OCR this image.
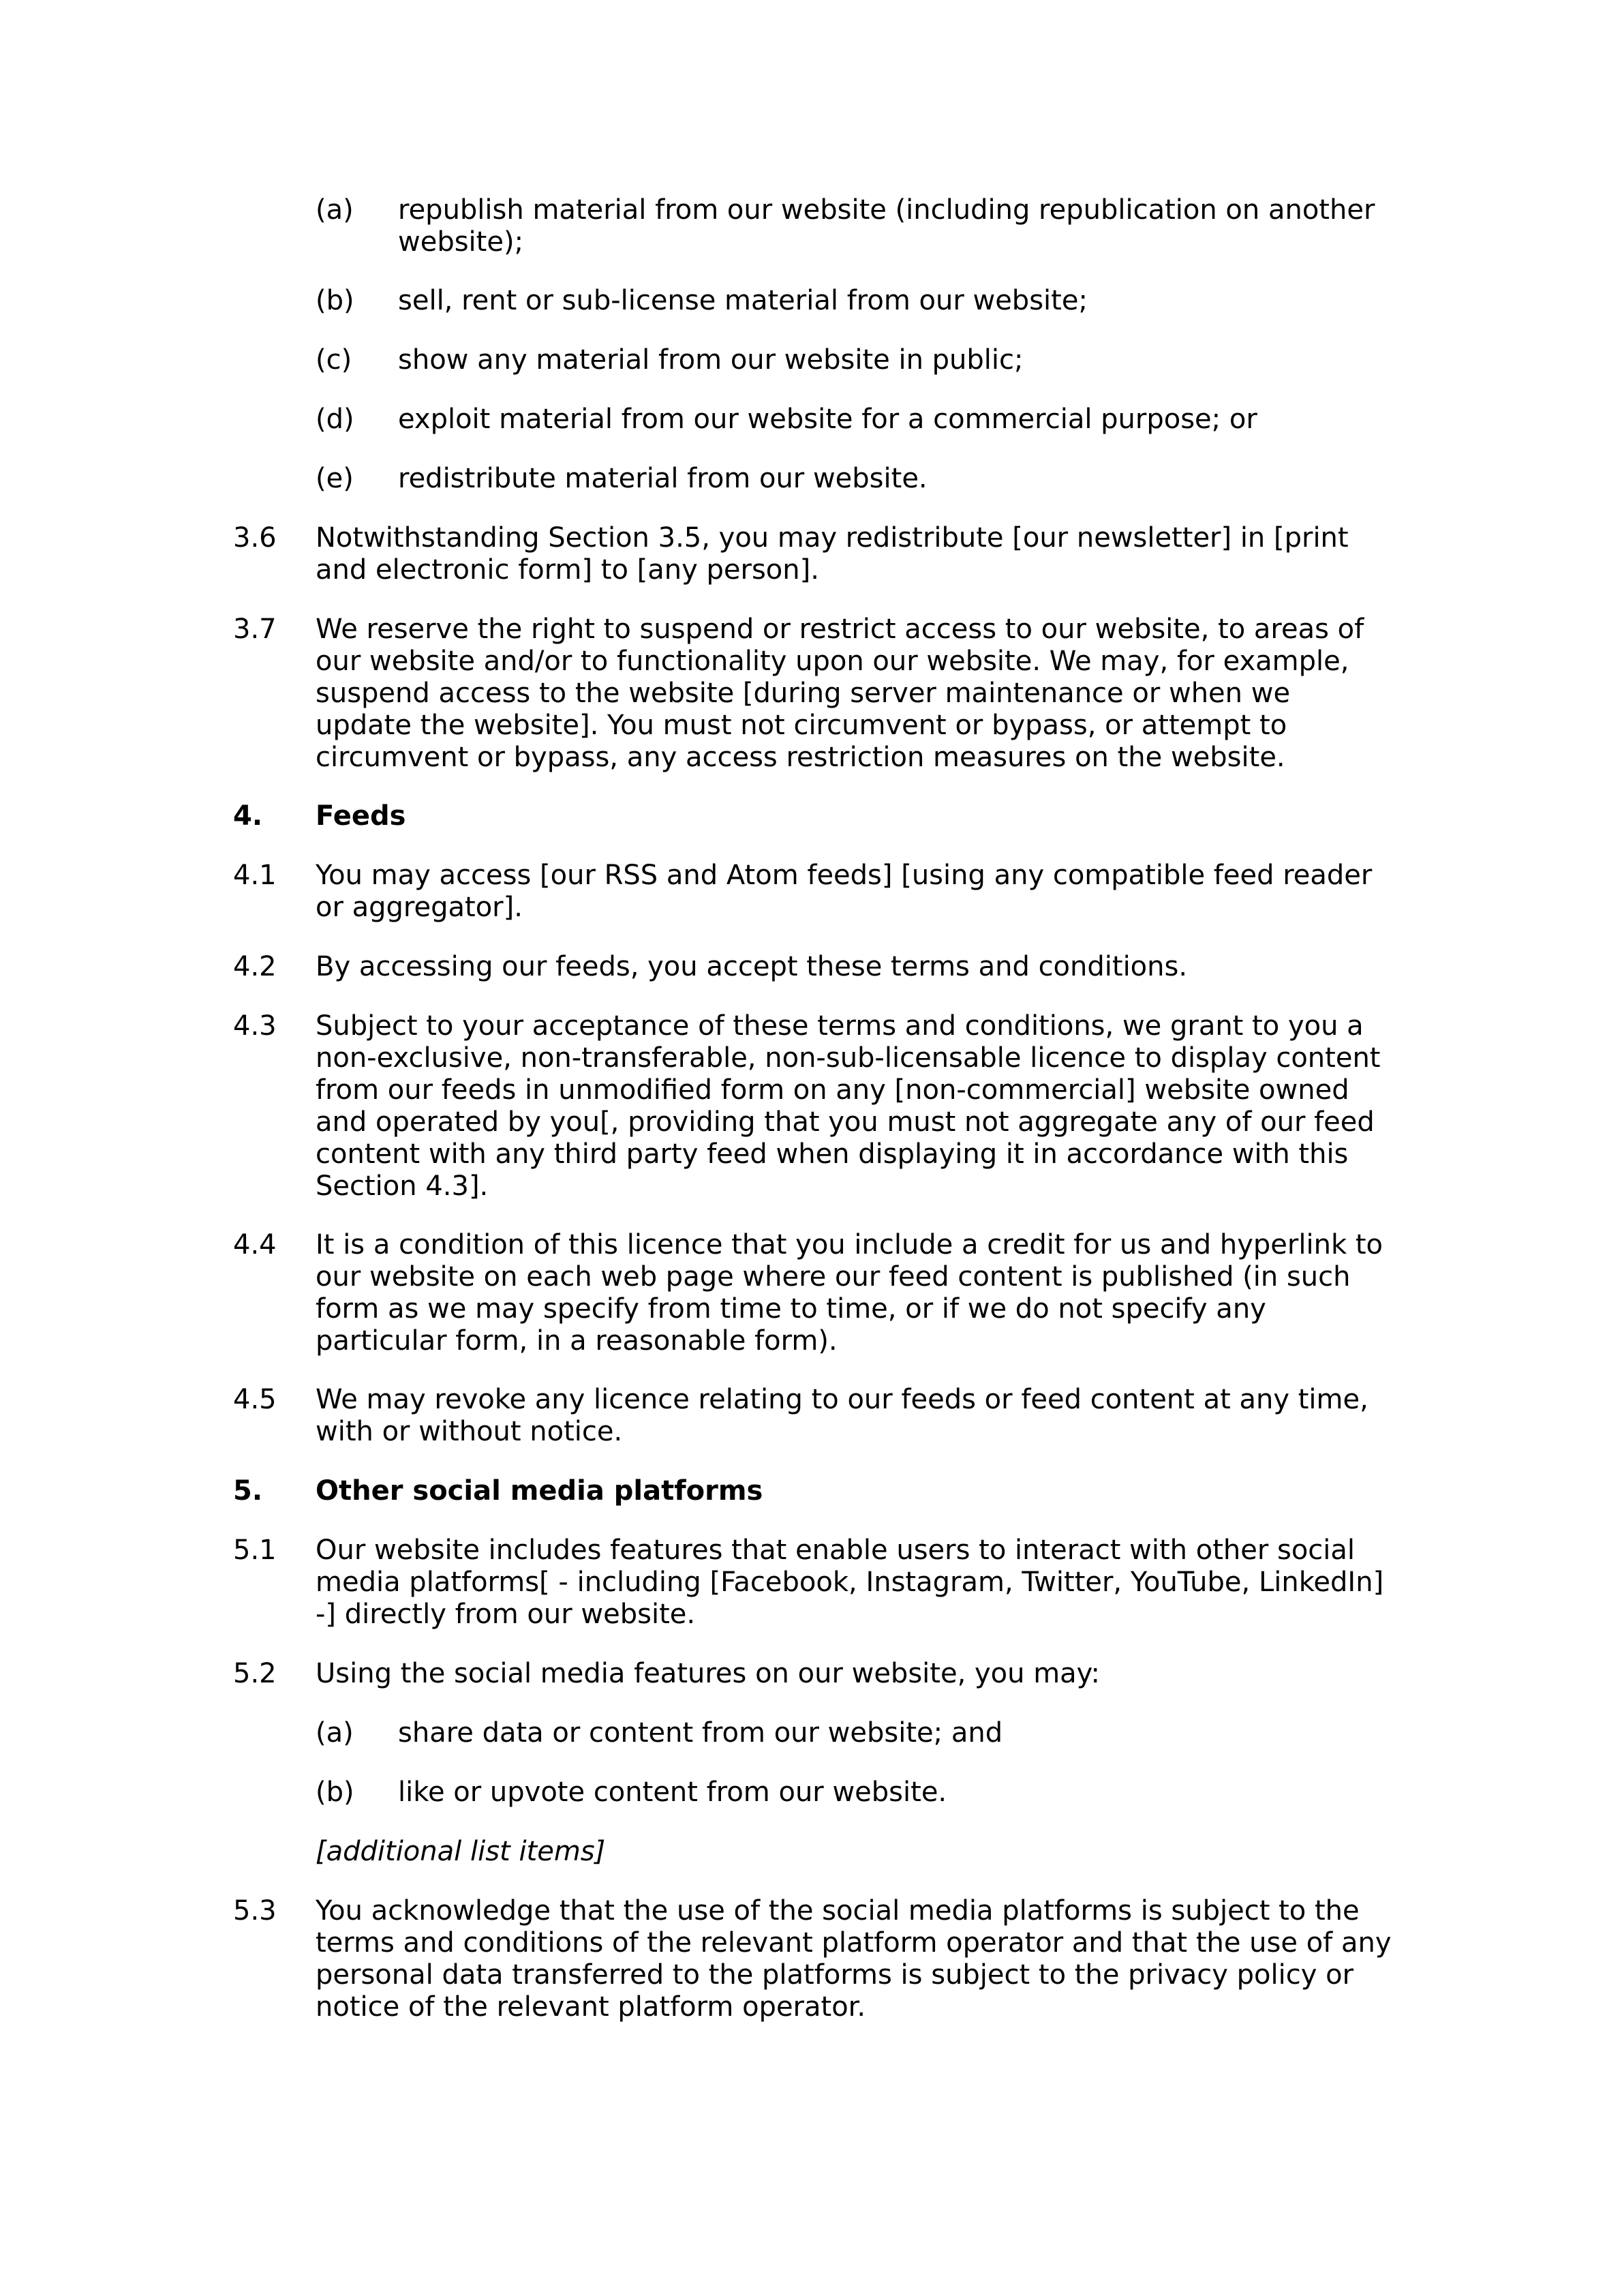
(a) republish material from our website (including republication on another
website);
(b) sell, rent or sub-license material from our website;
(c) show any material from our website in public;
(d) exploit material from our website for a commercial purpose; or
(e) redistribute material from our website.
3.6 Notwithstanding Section 3.5, you may redistribute [our newsletter] in [print
and electronic form] to [any person].
3.7 We reserve the right to suspend or restrict access to our website, to areas of
our website and/or to functionality upon our website. We may, for example,
suspend access to the website [during server maintenance or when we
update the website]. You must not circumvent or bypass, or attempt to
circumvent or bypass, any access restriction measures on the website.
4. Feeds
4.1 You may access [our RSS and Atom feeds] [using any compatible feed reader
or aggregator].
4.2 By accessing our feeds, you accept these terms and conditions.
4.3 Subject to your acceptance of these terms and conditions, we grant to you a
non-exclusive, non-transferable, non-sub-licensable licence to display content
from our feeds in unmodified form on any [non-commercial] website owned
and operated by you[, providing that you must not aggregate any of our feed
content with any third party feed when displaying it in accordance with this
Section 4.3].
4.4 It is a condition of this licence that you include a credit for us and hyperlink to
our website on each web page where our feed content is published (in such
form as we may specify from time to time, or if we do not specify any
particular form, in a reasonable form).
4.5 We may revoke any licence relating to our feeds or feed content at any time,
with or without notice.
5. Other social media platforms
5.1 Our website includes features that enable users to interact with other social
media platforms[ - including [Facebook, Instagram, Twitter, YouTube, LinkedIn]
-] directly from our website.
5.2 Using the social media features on our website, you may:
(a) share data or content from our website; and
(b) like or upvote content from our website.
[additional list items]
5.3 You acknowledge that the use of the social media platforms is subject to the
terms and conditions of the relevant platform operator and that the use of any
personal data transferred to the platforms is subject to the privacy policy or
notice of the relevant platform operator.
